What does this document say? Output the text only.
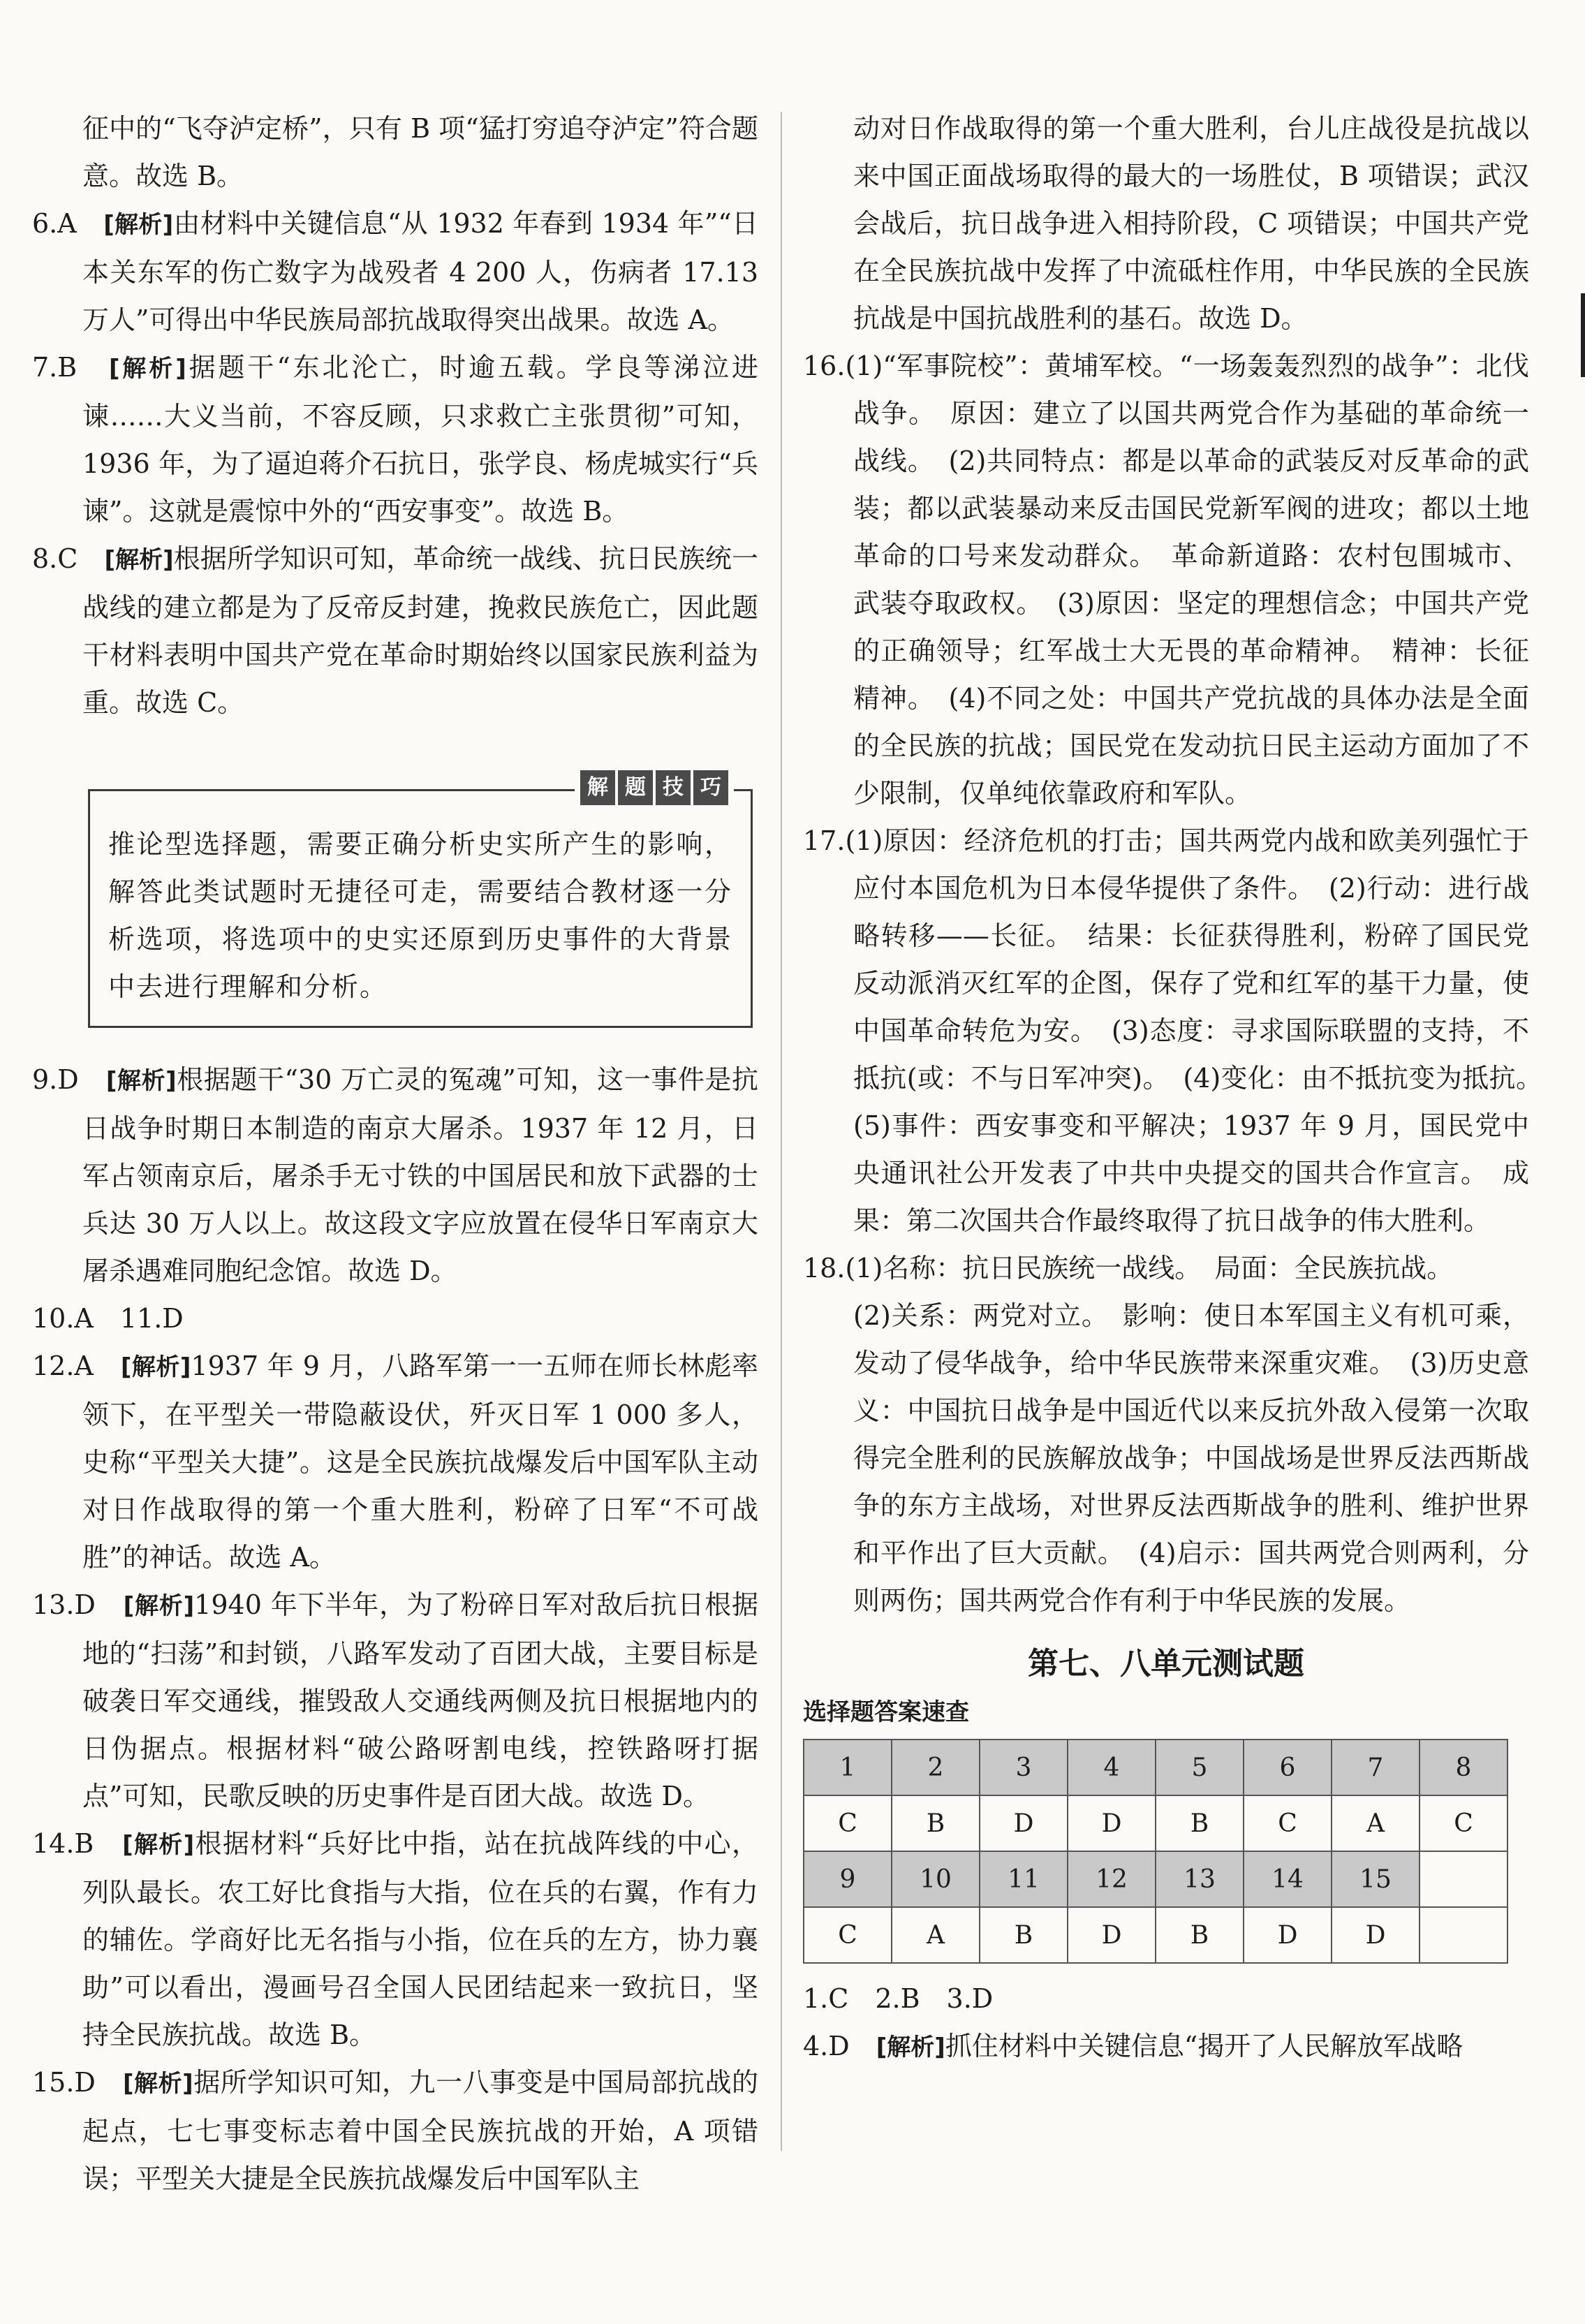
征中的“飞夺泸定桥”，只有 B 项“猛打穷追夺泸定”符合题意。故选 B。

6.A　 [解析]由材料中关键信息“从 1932 年春到 1934 年”“日本关东军的伤亡数字为战殁者 4 200 人，伤病者 17.13 万人”可得出中华民族局部抗战取得突出战果。故选 A。

7.B　 [解析]据题干“东北沦亡，时逾五载。学良等涕泣进谏……大义当前，不容反顾，只求救亡主张贯彻”可知，1936 年，为了逼迫蒋介石抗日，张学良、杨虎城实行“兵谏”。这就是震惊中外的“西安事变”。故选 B。

8.C　 [解析]根据所学知识可知，革命统一战线、抗日民族统一战线的建立都是为了反帝反封建，挽救民族危亡，因此题干材料表明中国共产党在革命时期始终以国家民族利益为重。故选 C。

解 题 技 巧

推论型选择题，需要正确分析史实所产生的影响，解答此类试题时无捷径可走，需要结合教材逐一分析选项，将选项中的史实还原到历史事件的大背景中去进行理解和分析。

9.D　 [解析]根据题干“30 万亡灵的冤魂”可知，这一事件是抗日战争时期日本制造的南京大屠杀。1937 年 12 月，日军占领南京后，屠杀手无寸铁的中国居民和放下武器的士兵达 30 万人以上。故这段文字应放置在侵华日军南京大屠杀遇难同胞纪念馆。故选 D。

10.A　11.D

12.A　 [解析]1937 年 9 月，八路军第一一五师在师长林彪率领下，在平型关一带隐蔽设伏，歼灭日军 1 000 多人，史称“平型关大捷”。这是全民族抗战爆发后中国军队主动对日作战取得的第一个重大胜利，粉碎了日军“不可战胜”的神话。故选 A。

13.D　 [解析]1940 年下半年，为了粉碎日军对敌后抗日根据地的“扫荡”和封锁，八路军发动了百团大战，主要目标是破袭日军交通线，摧毁敌人交通线两侧及抗日根据地内的日伪据点。根据材料“破公路呀割电线，控铁路呀打据点”可知，民歌反映的历史事件是百团大战。故选 D。

14.B　 [解析]根据材料“兵好比中指，站在抗战阵线的中心，列队最长。农工好比食指与大指，位在兵的右翼，作有力的辅佐。学商好比无名指与小指，位在兵的左方，协力襄助”可以看出，漫画号召全国人民团结起来一致抗日，坚持全民族抗战。故选 B。

15.D　 [解析]据所学知识可知，九一八事变是中国局部抗战的起点，七七事变标志着中国全民族抗战的开始，A 项错误；平型关大捷是全民族抗战爆发后中国军队主

动对日作战取得的第一个重大胜利，台儿庄战役是抗战以来中国正面战场取得的最大的一场胜仗，B 项错误；武汉会战后，抗日战争进入相持阶段，C 项错误；中国共产党在全民族抗战中发挥了中流砥柱作用，中华民族的全民族抗战是中国抗战胜利的基石。故选 D。

16.(1)“军事院校”：黄埔军校。“一场轰轰烈烈的战争”：北伐战争。　原因：建立了以国共两党合作为基础的革命统一战线。　(2)共同特点：都是以革命的武装反对反革命的武装；都以武装暴动来反击国民党新军阀的进攻；都以土地革命的口号来发动群众。　革命新道路：农村包围城市、武装夺取政权。　(3)原因：坚定的理想信念；中国共产党的正确领导；红军战士大无畏的革命精神。　精神：长征精神。　(4)不同之处：中国共产党抗战的具体办法是全面的全民族的抗战；国民党在发动抗日民主运动方面加了不少限制，仅单纯依靠政府和军队。

17.(1)原因：经济危机的打击；国共两党内战和欧美列强忙于应付本国危机为日本侵华提供了条件。　(2)行动：进行战略转移——长征。　结果：长征获得胜利，粉碎了国民党反动派消灭红军的企图，保存了党和红军的基干力量，使中国革命转危为安。　(3)态度：寻求国际联盟的支持，不抵抗(或：不与日军冲突)。　(4)变化：由不抵抗变为抵抗。　(5)事件：西安事变和平解决；1937 年 9 月，国民党中央通讯社公开发表了中共中央提交的国共合作宣言。　成果：第二次国共合作最终取得了抗日战争的伟大胜利。

18.(1)名称：抗日民族统一战线。　局面：全民族抗战。

(2)关系：两党对立。　影响：使日本军国主义有机可乘，发动了侵华战争，给中华民族带来深重灾难。　(3)历史意义：中国抗日战争是中国近代以来反抗外敌入侵第一次取得完全胜利的民族解放战争；中国战场是世界反法西斯战争的东方主战场，对世界反法西斯战争的胜利、维护世界和平作出了巨大贡献。　(4)启示：国共两党合则两利，分则两伤；国共两党合作有利于中华民族的发展。

第七、八单元测试题
选择题答案速查
1	2	3	4	5	6	7	8
C	B	D	D	B	C	A	C
9	10	11	12	13	14	15	
C	A	B	D	B	D	D	

1.C　2.B　3.D

4.D　 [解析]抓住材料中关键信息“揭开了人民解放军战略
